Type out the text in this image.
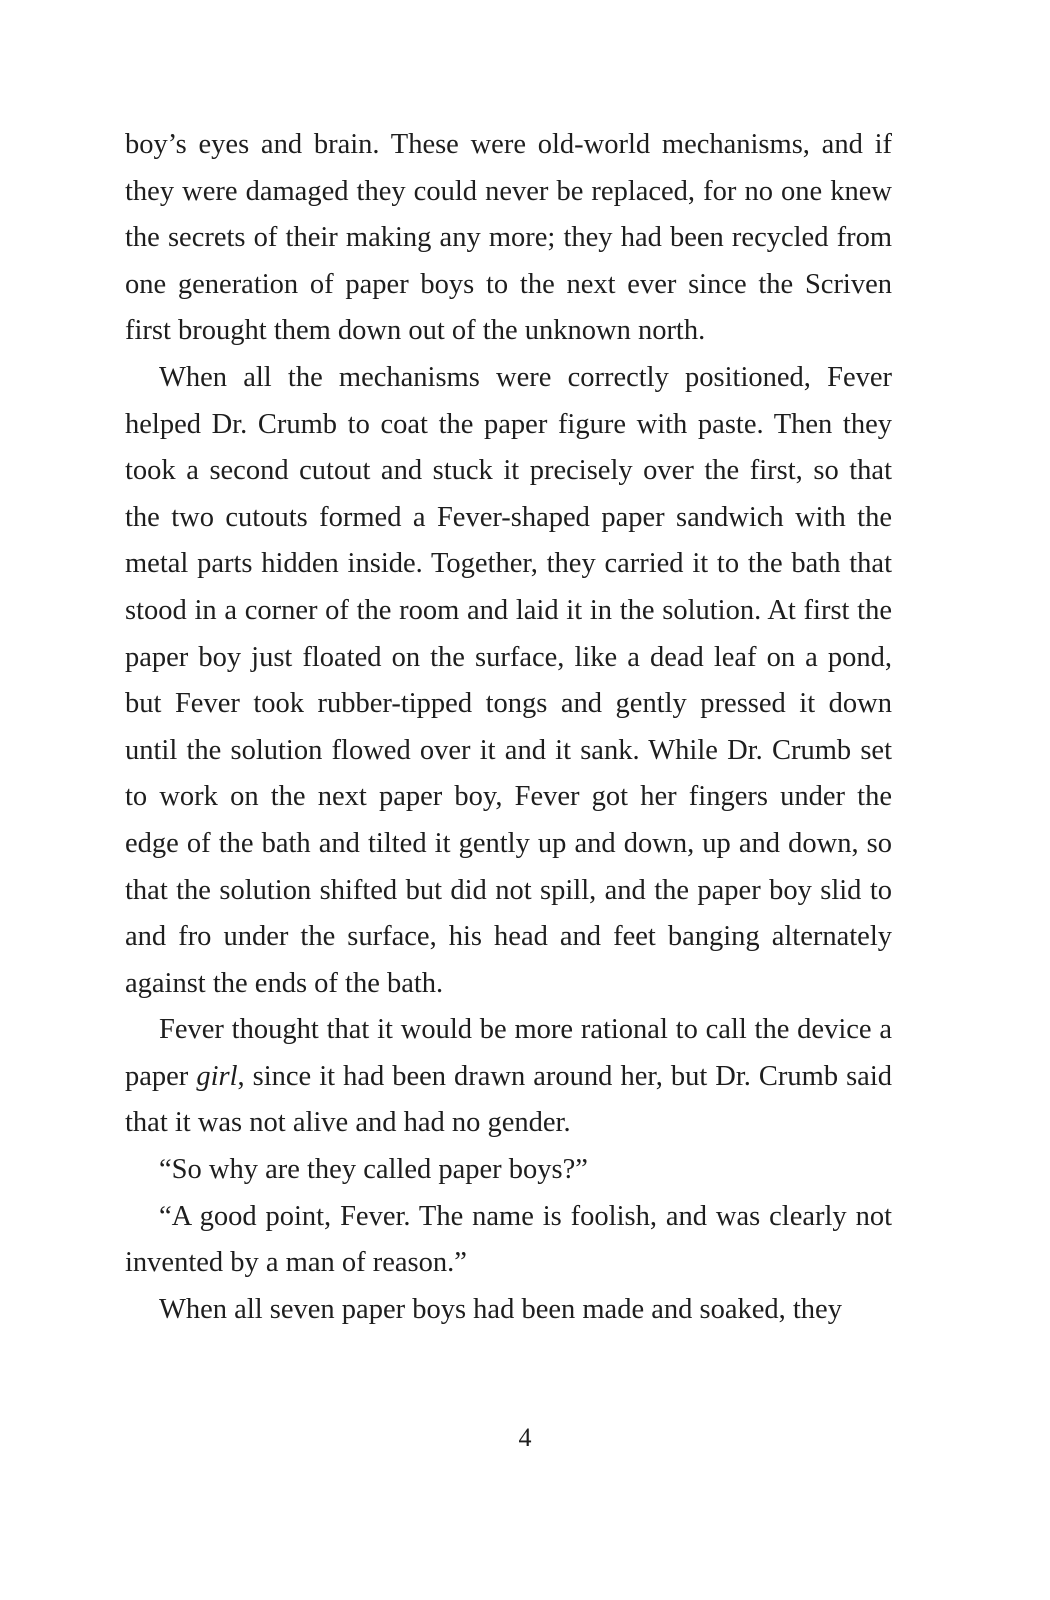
boy’s eyes and brain. These were old-world mechanisms, and if they were damaged they could never be replaced, for no one knew the secrets of their making any more; they had been recycled from one generation of paper boys to the next ever since the Scriven first brought them down out of the unknown north.

When all the mechanisms were correctly positioned, Fever helped Dr. Crumb to coat the paper figure with paste. Then they took a second cutout and stuck it precisely over the first, so that the two cutouts formed a Fever-shaped paper sandwich with the metal parts hidden inside. Together, they carried it to the bath that stood in a corner of the room and laid it in the solution. At first the paper boy just floated on the surface, like a dead leaf on a pond, but Fever took rubber-tipped tongs and gently pressed it down until the solution flowed over it and it sank. While Dr. Crumb set to work on the next paper boy, Fever got her fingers under the edge of the bath and tilted it gently up and down, up and down, so that the solution shifted but did not spill, and the paper boy slid to and fro under the surface, his head and feet banging alternately against the ends of the bath.

Fever thought that it would be more rational to call the device a paper girl, since it had been drawn around her, but Dr. Crumb said that it was not alive and had no gender.

“So why are they called paper boys?”

“A good point, Fever. The name is foolish, and was clearly not invented by a man of reason.”

When all seven paper boys had been made and soaked, they

4
